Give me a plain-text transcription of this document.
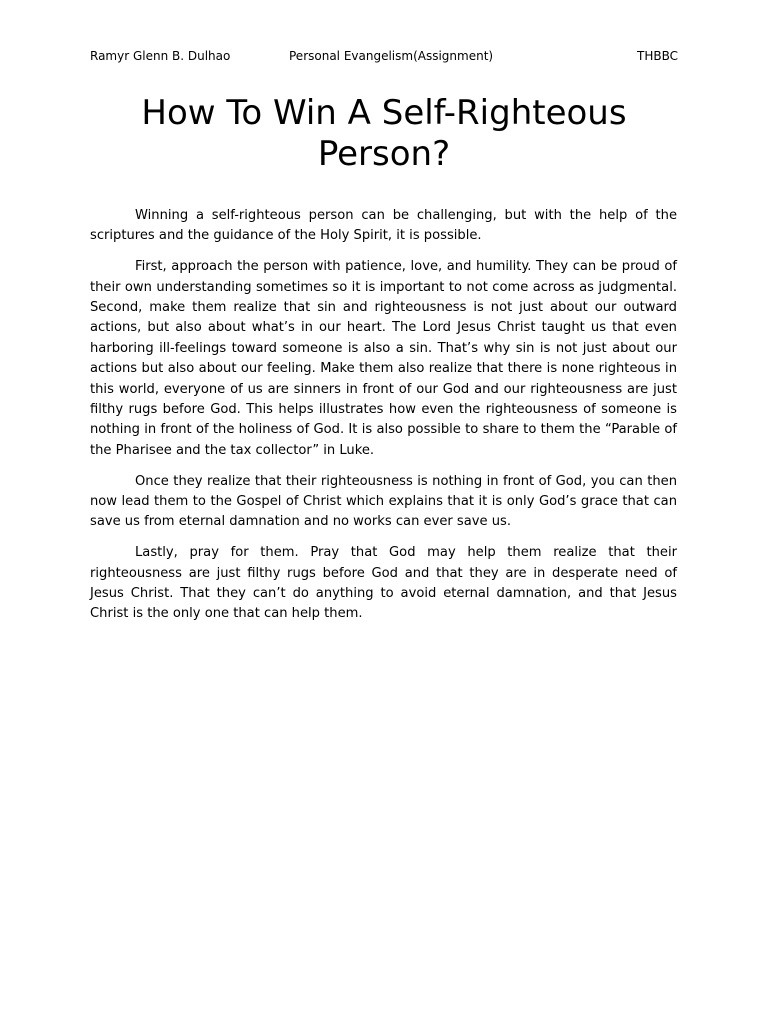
Ramyr Glenn B. Dulhao	Personal Evangelism(Assignment)	THBBC
How To Win A Self-Righteous Person?

Winning a self-righteous person can be challenging, but with the help of the scriptures and the guidance of the Holy Spirit, it is possible.

First, approach the person with patience, love, and humility. They can be proud of their own understanding sometimes so it is important to not come across as judgmental. Second, make them realize that sin and righteousness is not just about our outward actions, but also about what’s in our heart. The Lord Jesus Christ taught us that even harboring ill-feelings toward someone is also a sin. That’s why sin is not just about our actions but also about our feeling. Make them also realize that there is none righteous in this world, everyone of us are sinners in front of our God and our righteousness are just filthy rugs before God. This helps illustrates how even the righteousness of someone is nothing in front of the holiness of God. It is also possible to share to them the “Parable of the Pharisee and the tax collector” in Luke.

Once they realize that their righteousness is nothing in front of God, you can then now lead them to the Gospel of Christ which explains that it is only God’s grace that can save us from eternal damnation and no works can ever save us.

Lastly, pray for them. Pray that God may help them realize that their righteousness are just filthy rugs before God and that they are in desperate need of Jesus Christ. That they can’t do anything to avoid eternal damnation, and that Jesus Christ is the only one that can help them.
